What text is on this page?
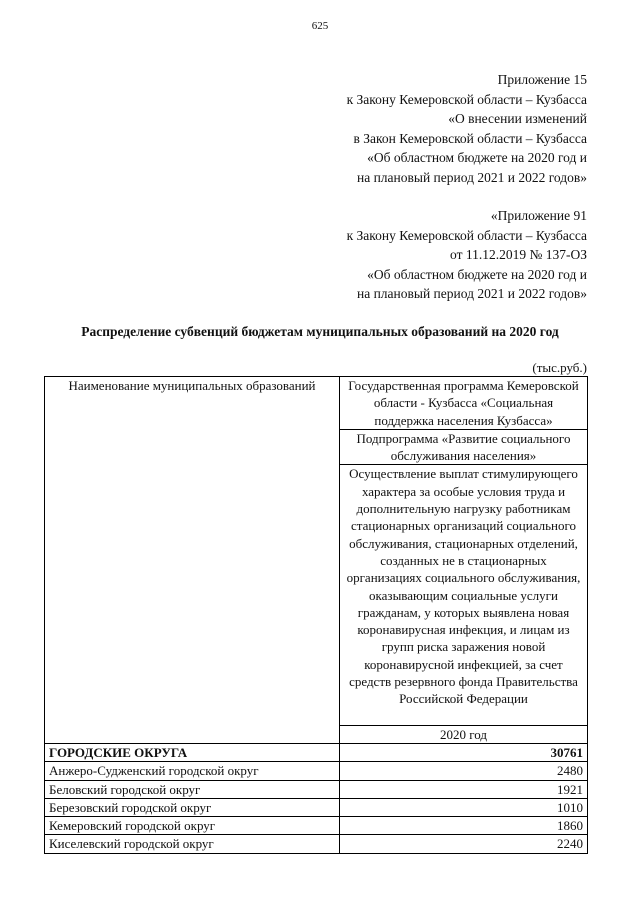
625
Приложение 15
к Закону Кемеровской области – Кузбасса
«О внесении изменений
в Закон Кемеровской области – Кузбасса
«Об областном бюджете на 2020 год и
на плановый период 2021 и 2022 годов»
«Приложение 91
к Закону Кемеровской области – Кузбасса
от 11.12.2019 № 137-ОЗ
«Об областном бюджете на 2020 год и
на плановый период 2021 и 2022 годов»
Распределение субвенций бюджетам муниципальных образований на 2020 год
(тыс.руб.)
Наименование муниципальных образований	Государственная программа Кемеровской области - Кузбасса «Социальная поддержка населения Кузбасса»
	Подпрограмма «Развитие социального обслуживания населения»
	Осуществление выплат стимулирующего характера за особые условия труда и дополнительную нагрузку работникам стационарных организаций социального обслуживания, стационарных отделений, созданных не в стационарных организациях социального обслуживания, оказывающим социальные услуги гражданам, у которых выявлена новая коронавирусная инфекция, и лицам из групп риска заражения новой коронавирусной инфекцией, за счет средств резервного фонда Правительства Российской Федерации
	2020 год
ГОРОДСКИЕ ОКРУГА	30761
Анжеро-Судженский городской округ	2480
Беловский городской округ	1921
Березовский городской округ	1010
Кемеровский городской округ	1860
Киселевский городской округ	2240
